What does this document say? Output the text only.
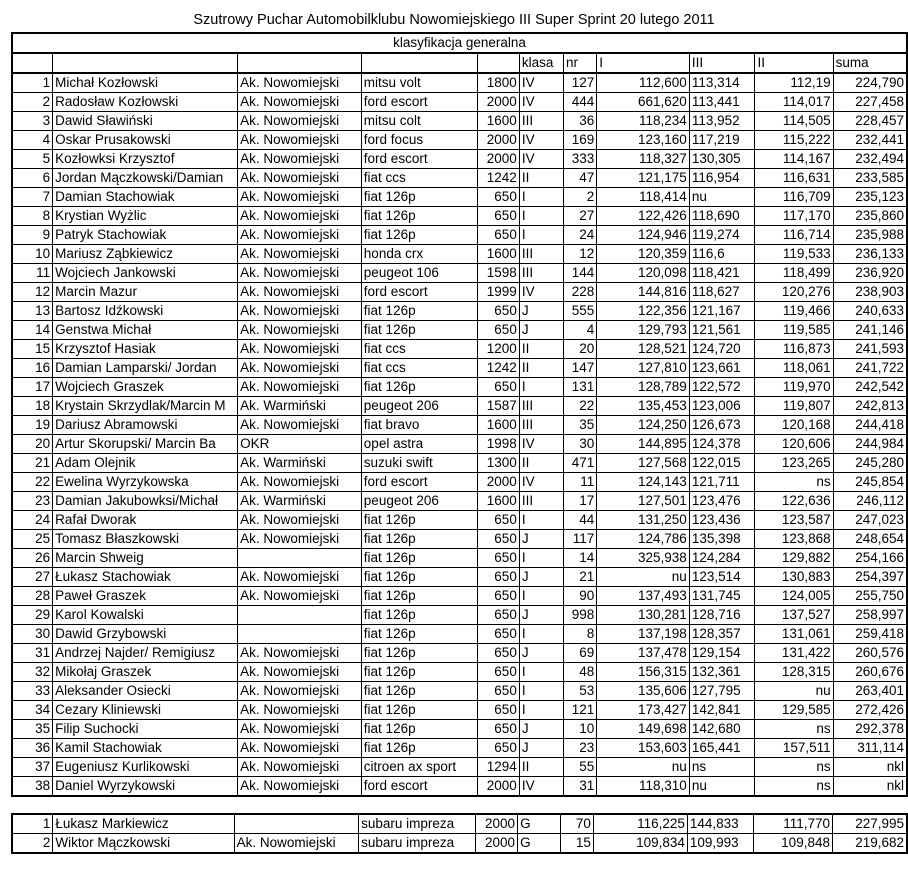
Szutrowy Puchar Automobilklubu Nowomiejskiego III Super Sprint 20 lutego 2011
klasyfikacja generalna										
					klasa	nr	I	III	II	suma
1	Michał Kozłowski	Ak. Nowomiejski	mitsu volt	1800	IV	127	112,600	113,314	112,19	224,790
2	Radosław Kozłowski	Ak. Nowomiejski	ford escort	2000	IV	444	661,620	113,441	114,017	227,458
3	Dawid Sławiński	Ak. Nowomiejski	mitsu colt	1600	III	36	118,234	113,952	114,505	228,457
4	Oskar Prusakowski	Ak. Nowomiejski	ford focus	2000	IV	169	123,160	117,219	115,222	232,441
5	Kozłowksi Krzysztof	Ak. Nowomiejski	ford escort	2000	IV	333	118,327	130,305	114,167	232,494
6	Jordan Mączkowski/Damian	Ak. Nowomiejski	fiat ccs	1242	II	47	121,175	116,954	116,631	233,585
7	Damian Stachowiak	Ak. Nowomiejski	fiat 126p	650	I	2	118,414	nu	116,709	235,123
8	Krystian Wyżlic	Ak. Nowomiejski	fiat 126p	650	I	27	122,426	118,690	117,170	235,860
9	Patryk Stachowiak	Ak. Nowomiejski	fiat 126p	650	I	24	124,946	119,274	116,714	235,988
10	Mariusz Ząbkiewicz	Ak. Nowomiejski	honda crx	1600	III	12	120,359	116,6	119,533	236,133
11	Wojciech Jankowski	Ak. Nowomiejski	peugeot 106	1598	III	144	120,098	118,421	118,499	236,920
12	Marcin Mazur	Ak. Nowomiejski	ford escort	1999	IV	228	144,816	118,627	120,276	238,903
13	Bartosz Idźkowski	Ak. Nowomiejski	fiat 126p	650	J	555	122,356	121,167	119,466	240,633
14	Genstwa Michał	Ak. Nowomiejski	fiat 126p	650	J	4	129,793	121,561	119,585	241,146
15	Krzysztof Hasiak	Ak. Nowomiejski	fiat ccs	1200	II	20	128,521	124,720	116,873	241,593
16	Damian Lamparski/ Jordan	Ak. Nowomiejski	fiat ccs	1242	II	147	127,810	123,661	118,061	241,722
17	Wojciech Graszek	Ak. Nowomiejski	fiat 126p	650	I	131	128,789	122,572	119,970	242,542
18	Krystain Skrzydlak/Marcin M	Ak. Warmiński	peugeot 206	1587	III	22	135,453	123,006	119,807	242,813
19	Dariusz Abramowski	Ak. Nowomiejski	fiat bravo	1600	III	35	124,250	126,673	120,168	244,418
20	Artur Skorupski/ Marcin Ba	OKR	opel astra	1998	IV	30	144,895	124,378	120,606	244,984
21	Adam Olejnik	Ak. Warmiński	suzuki swift	1300	II	471	127,568	122,015	123,265	245,280
22	Ewelina Wyrzykowska	Ak. Nowomiejski	ford escort	2000	IV	11	124,143	121,711	ns	245,854
23	Damian Jakubowksi/Michał	Ak. Warmiński	peugeot 206	1600	III	17	127,501	123,476	122,636	246,112
24	Rafał Dworak	Ak. Nowomiejski	fiat 126p	650	I	44	131,250	123,436	123,587	247,023
25	Tomasz Błaszkowski	Ak. Nowomiejski	fiat 126p	650	J	117	124,786	135,398	123,868	248,654
26	Marcin Shweig		fiat 126p	650	I	14	325,938	124,284	129,882	254,166
27	Łukasz Stachowiak	Ak. Nowomiejski	fiat 126p	650	J	21	nu	123,514	130,883	254,397
28	Paweł Graszek	Ak. Nowomiejski	fiat 126p	650	I	90	137,493	131,745	124,005	255,750
29	Karol Kowalski		fiat 126p	650	J	998	130,281	128,716	137,527	258,997
30	Dawid Grzybowski		fiat 126p	650	I	8	137,198	128,357	131,061	259,418
31	Andrzej Najder/ Remigiusz	Ak. Nowomiejski	fiat 126p	650	J	69	137,478	129,154	131,422	260,576
32	Mikołaj Graszek	Ak. Nowomiejski	fiat 126p	650	I	48	156,315	132,361	128,315	260,676
33	Aleksander Osiecki	Ak. Nowomiejski	fiat 126p	650	I	53	135,606	127,795	nu	263,401
34	Cezary Kliniewski	Ak. Nowomiejski	fiat 126p	650	I	121	173,427	142,841	129,585	272,426
35	Filip Suchocki	Ak. Nowomiejski	fiat 126p	650	J	10	149,698	142,680	ns	292,378
36	Kamil Stachowiak	Ak. Nowomiejski	fiat 126p	650	J	23	153,603	165,441	157,511	311,114
37	Eugeniusz Kurlikowski	Ak. Nowomiejski	citroen ax sport	1294	II	55	nu	ns	ns	nkl
38	Daniel Wyrzykowski	Ak. Nowomiejski	ford escort	2000	IV	31	118,310	nu	ns	nkl
1	Łukasz Markiewicz		subaru impreza	2000	G	70	116,225	144,833	111,770	227,995
2	Wiktor Mączkowski	Ak. Nowomiejski	subaru impreza	2000	G	15	109,834	109,993	109,848	219,682
